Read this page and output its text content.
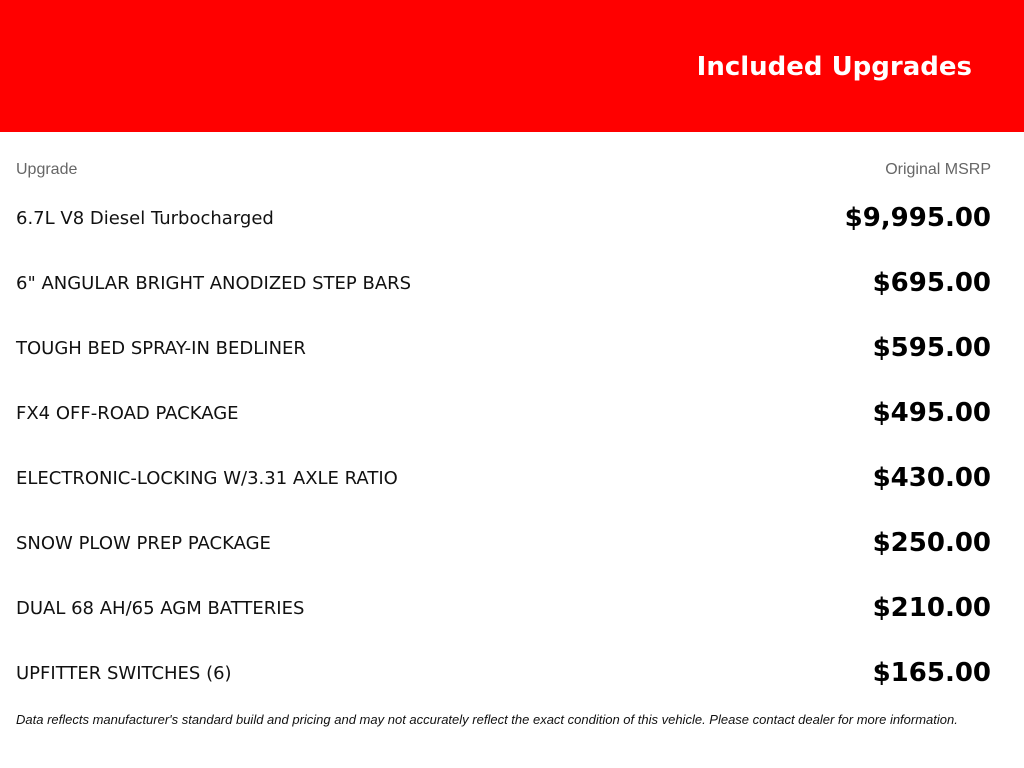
Included Upgrades
Upgrade	Original MSRP
6.7L V8 Diesel Turbocharged	$9,995.00
6" ANGULAR BRIGHT ANODIZED STEP BARS	$695.00
TOUGH BED SPRAY-IN BEDLINER	$595.00
FX4 OFF-ROAD PACKAGE	$495.00
ELECTRONIC-LOCKING W/3.31 AXLE RATIO	$430.00
SNOW PLOW PREP PACKAGE	$250.00
DUAL 68 AH/65 AGM BATTERIES	$210.00
UPFITTER SWITCHES (6)	$165.00
Data reflects manufacturer's standard build and pricing and may not accurately reflect the exact condition of this vehicle. Please contact dealer for more information.
